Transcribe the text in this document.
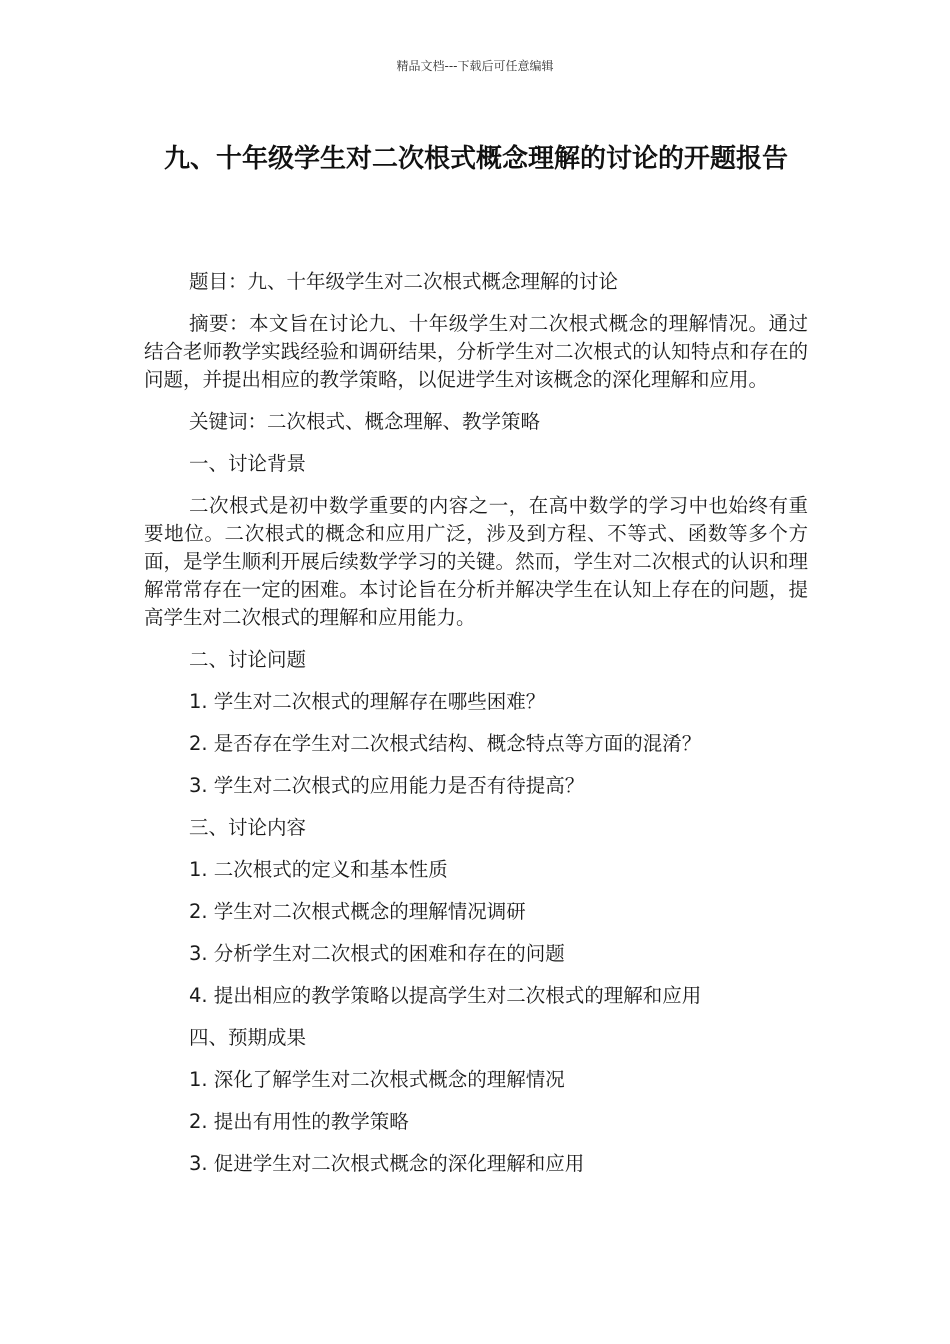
精品文档---下载后可任意编辑
九、十年级学生对二次根式概念理解的讨论的开题报告

题目：九、十年级学生对二次根式概念理解的讨论

摘要：本文旨在讨论九、十年级学生对二次根式概念的理解情况。通过结合老师教学实践经验和调研结果，分析学生对二次根式的认知特点和存在的问题，并提出相应的教学策略，以促进学生对该概念的深化理解和应用。

关键词：二次根式、概念理解、教学策略

一、讨论背景

二次根式是初中数学重要的内容之一，在高中数学的学习中也始终有重要地位。二次根式的概念和应用广泛，涉及到方程、不等式、函数等多个方面，是学生顺利开展后续数学学习的关键。然而，学生对二次根式的认识和理解常常存在一定的困难。本讨论旨在分析并解决学生在认知上存在的问题，提高学生对二次根式的理解和应用能力。

二、讨论问题

1. 学生对二次根式的理解存在哪些困难？

2. 是否存在学生对二次根式结构、概念特点等方面的混淆？

3. 学生对二次根式的应用能力是否有待提高？

三、讨论内容

1. 二次根式的定义和基本性质

2. 学生对二次根式概念的理解情况调研

3. 分析学生对二次根式的困难和存在的问题

4. 提出相应的教学策略以提高学生对二次根式的理解和应用

四、预期成果

1. 深化了解学生对二次根式概念的理解情况

2. 提出有用性的教学策略

3. 促进学生对二次根式概念的深化理解和应用
